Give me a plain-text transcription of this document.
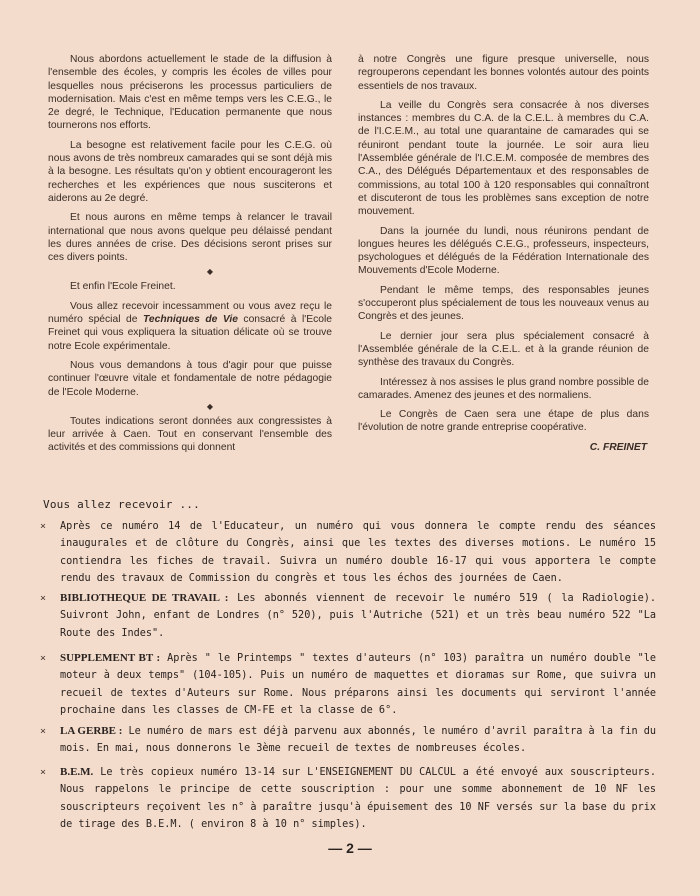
Nous abordons actuellement le stade de la diffusion à l'ensemble des écoles, y compris les écoles de villes pour lesquelles nous préciserons les processus particuliers de modernisation. Mais c'est en même temps vers les C.E.G., le 2e degré, le Technique, l'Education permanente que nous tournerons nos efforts.

La besogne est relativement facile pour les C.E.G. où nous avons de très nombreux camarades qui se sont déjà mis à la besogne. Les résultats qu'on y obtient encourageront les recherches et les expériences que nous susciterons et aiderons au 2e degré.

Et nous aurons en même temps à relancer le travail international que nous avons quelque peu délaissé pendant les dures années de crise. Des décisions seront prises sur ces divers points.

◆

Et enfin l'Ecole Freinet.

Vous allez recevoir incessamment ou vous avez reçu le numéro spécial de Techniques de Vie consacré à l'Ecole Freinet qui vous expliquera la situation délicate où se trouve notre Ecole expérimentale.

Nous vous demandons à tous d'agir pour que puisse continuer l'œuvre vitale et fondamentale de notre pédagogie de l'Ecole Moderne.

◆

Toutes indications seront données aux congressistes à leur arrivée à Caen. Tout en conservant l'ensemble des activités et des commissions qui donnent

à notre Congrès une figure presque universelle, nous regrouperons cependant les bonnes volontés autour des points essentiels de nos travaux.

La veille du Congrès sera consacrée à nos diverses instances : membres du C.A. de la C.E.L. à membres du C.A. de l'I.C.E.M., au total une quarantaine de camarades qui se réuniront pendant toute la journée. Le soir aura lieu l'Assemblée générale de l'I.C.E.M. composée de membres des C.A., des Délégués Départementaux et des responsables de commissions, au total 100 à 120 responsables qui connaîtront et discuteront de tous les problèmes sans exception de notre mouvement.

Dans la journée du lundi, nous réunirons pendant de longues heures les délégués C.E.G., professeurs, inspecteurs, psychologues et délégués de la Fédération Internationale des Mouvements d'Ecole Moderne.

Pendant le même temps, des responsables jeunes s'occuperont plus spécialement de tous les nouveaux venus au Congrès et des jeunes.

Le dernier jour sera plus spécialement consacré à l'Assemblée générale de la C.E.L. et à la grande réunion de synthèse des travaux du Congrès.

Intéressez à nos assises le plus grand nombre possible de camarades. Amenez des jeunes et des normaliens.

Le Congrès de Caen sera une étape de plus dans l'évolution de notre grande entreprise coopérative.

C. FREINET
Vous allez recevoir ...
× Après ce numéro 14 de l'Educateur, un numéro qui vous donnera le compte rendu des séances inaugurales et de clôture du Congrès, ainsi que les textes des diverses motions. Le numéro 15 contiendra les fiches de travail. Suivra un numéro double 16-17 qui vous apportera le compte rendu des travaux de Commission du congrès et tous les échos des journées de Caen.
× BIBLIOTHEQUE DE TRAVAIL : Les abonnés viennent de recevoir le numéro 519 ( la Radiologie). Suivront John, enfant de Londres (n° 520), puis l'Autriche (521) et un très beau numéro 522 "La Route des Indes".
× SUPPLEMENT BT : Après " le Printemps " textes d'auteurs (n° 103) paraîtra un numéro double "le moteur à deux temps" (104-105). Puis un numéro de maquettes et dioramas sur Rome, que suivra un recueil de textes d'Auteurs sur Rome. Nous préparons ainsi les documents qui serviront l'année prochaine dans les classes de CM-FE et la classe de 6°.
× LA GERBE : Le numéro de mars est déjà parvenu aux abonnés, le numéro d'avril paraîtra à la fin du mois. En mai, nous donnerons le 3ème recueil de textes de nombreuses écoles.
× B.E.M. Le très copieux numéro 13-14 sur L'ENSEIGNEMENT DU CALCUL a été envoyé aux souscripteurs. Nous rappelons le principe de cette souscription : pour une somme abonnement de 10 NF les souscripteurs reçoivent les n° à paraître jusqu'à épuisement des 10 NF versés sur la base du prix de tirage des B.E.M. ( environ 8 à 10 n° simples).
— 2 —
